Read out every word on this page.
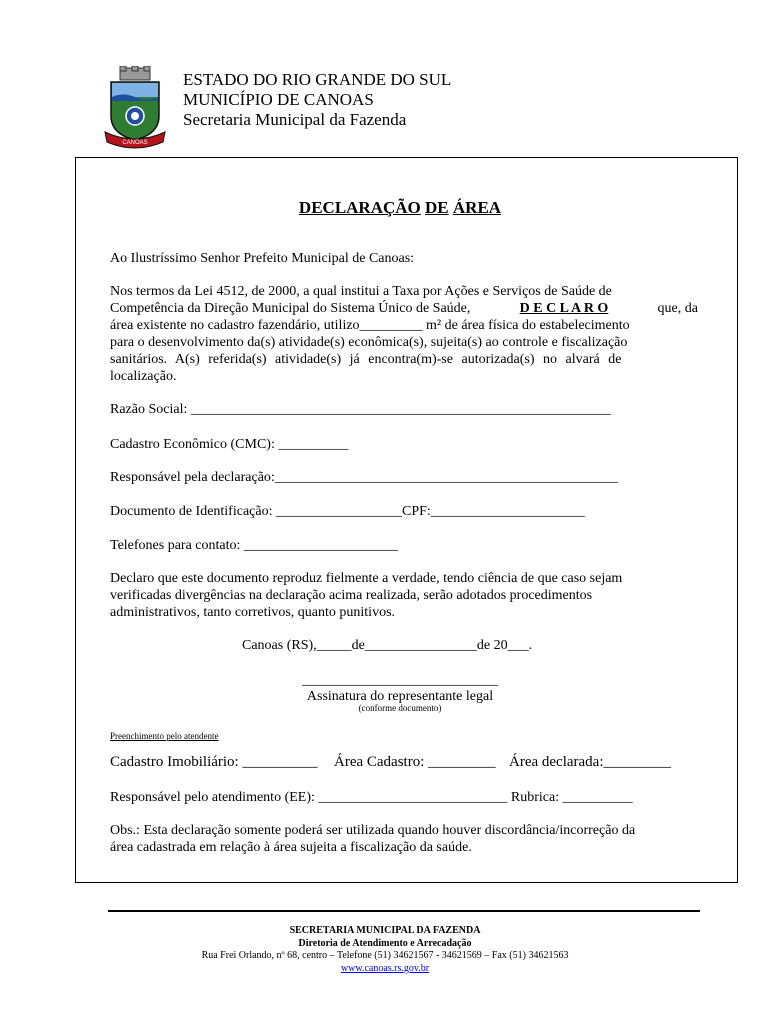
CANOAS
ESTADO DO RIO GRANDE DO SUL
MUNICÍPIO DE CANOAS
Secretaria Municipal da Fazenda
DECLARAÇÃO DE ÁREA
Ao Ilustríssimo Senhor Prefeito Municipal de Canoas:
Nos termos da Lei 4512, de 2000, a qual institui a Taxa por Ações e Serviços de Saúde de
Competência da Direção Municipal do Sistema Único de Saúde,	D E C L A R O	que, da
área existente no cadastro fazendário, utilizo_________ m² de área física do estabelecimento
para o desenvolvimento da(s) atividade(s) econômica(s), sujeita(s) ao controle e fiscalização
sanitários. A(s) referida(s) atividade(s) já encontra(m)-se autorizada(s) no alvará de
localização.
Razão Social: ____________________________________________________________
Cadastro Econômico (CMC): __________
Responsável pela declaração:_________________________________________________
Documento de Identificação: __________________CPF:______________________
Telefones para contato: ______________________
Declaro que este documento reproduz fielmente a verdade, tendo ciência de que caso sejam
verificadas divergências na declaração acima realizada, serão adotados procedimentos
administrativos, tanto corretivos, quanto punitivos.
Canoas (RS),_____de________________de 20___.
____________________________
Assinatura do representante legal
(conforme documento)
Preenchimento pelo atendente
Cadastro Imobiliário: __________ Área Cadastro: _________ Área declarada:_________
Responsável pelo atendimento (EE): ___________________________ Rubrica: __________
Obs.: Esta declaração somente poderá ser utilizada quando houver discordância/incorreção da
área cadastrada em relação à área sujeita a fiscalização da saúde.
SECRETARIA MUNICIPAL DA FAZENDA
Diretoria de Atendimento e Arrecadação
Rua Frei Orlando, nº 68, centro – Telefone (51) 34621567 - 34621569 – Fax (51) 34621563
www.canoas.rs.gov.br
